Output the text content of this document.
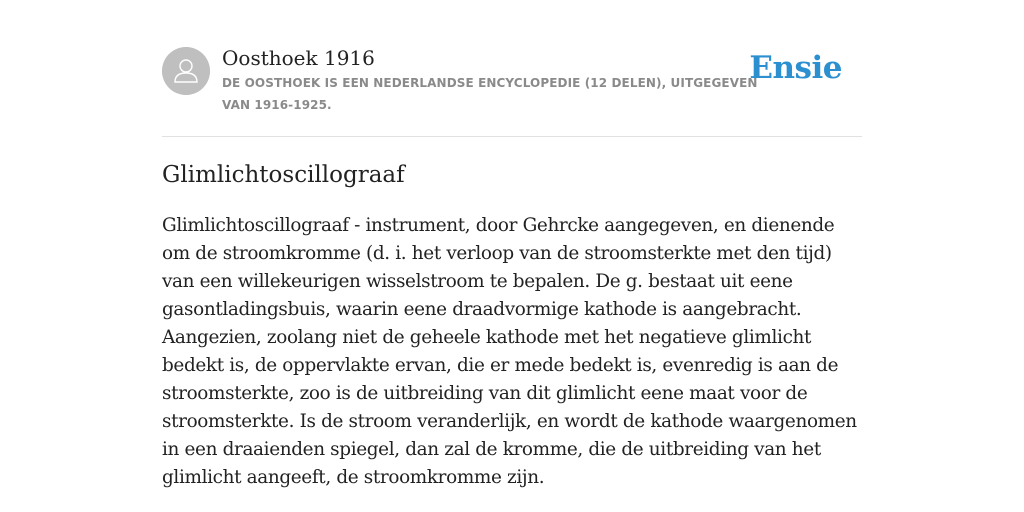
Oosthoek 1916
DE OOSTHOEK IS EEN NEDERLANDSE ENCYCLOPEDIE (12 DELEN), UITGEGEVEN VAN 1916-1925.
Ensie
Glimlichtoscillograaf

Glimlichtoscillograaf - instrument, door Gehrcke aangegeven, en dienende om de stroomkromme (d. i. het verloop van de stroomsterkte met den tijd) van een willekeurigen wisselstroom te bepalen. De g. bestaat uit eene gasontladingsbuis, waarin eene draadvormige kathode is aangebracht. Aangezien, zoolang niet de geheele kathode met het negatieve glimlicht bedekt is, de oppervlakte ervan, die er mede bedekt is, evenredig is aan de stroomsterkte, zoo is de uitbreiding van dit glimlicht eene maat voor de stroomsterkte. Is de stroom veranderlijk, en wordt de kathode waargenomen in een draaienden spiegel, dan zal de kromme, die de uitbreiding van het glimlicht aangeeft, de stroomkromme zijn.
